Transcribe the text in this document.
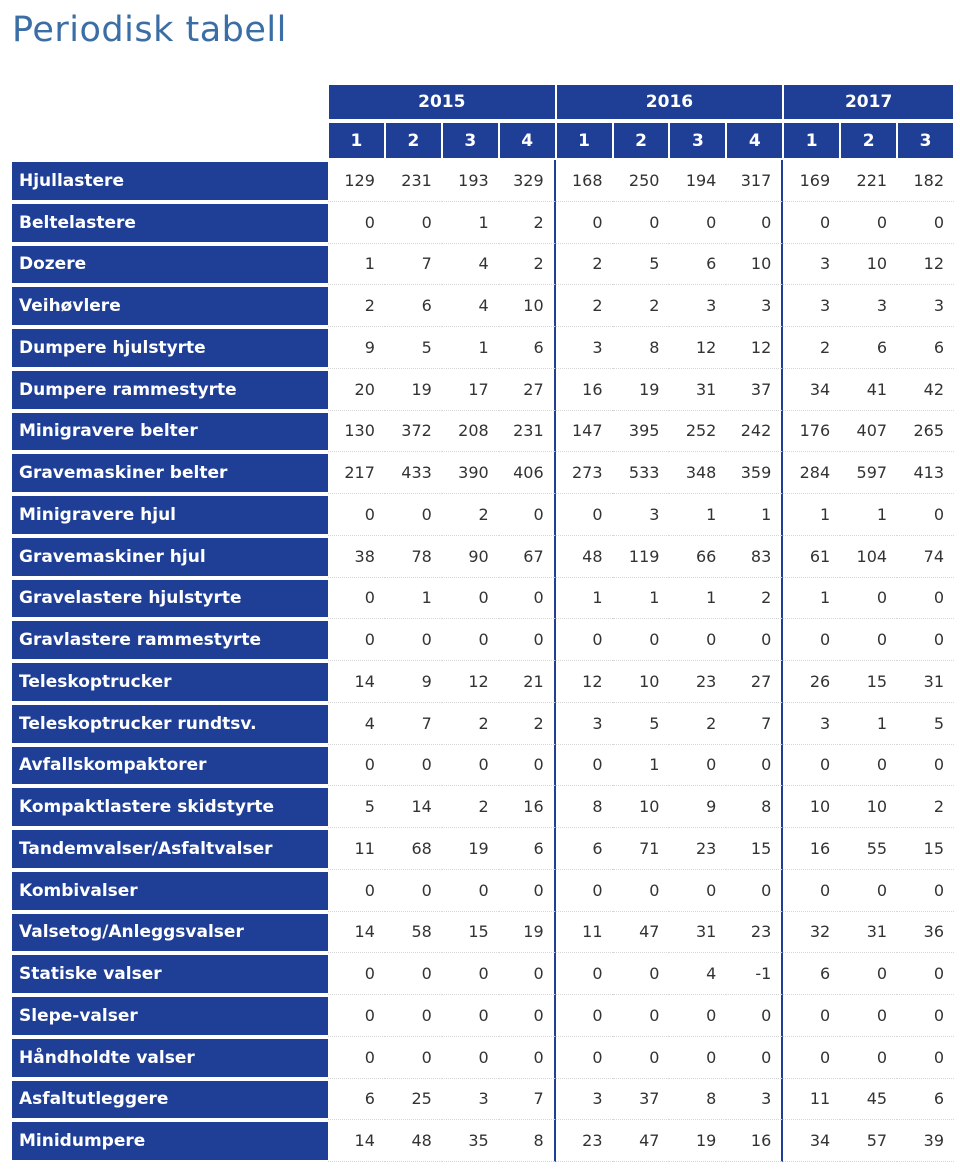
Periodisk tabell
2015	2016	2017
1	2	3	4	1	2	3	4	1	2	3
Hjullastere	129	231	193	329	168	250	194	317	169	221	182
Beltelastere	0	0	1	2	0	0	0	0	0	0	0
Dozere	1	7	4	2	2	5	6	10	3	10	12
Veihøvlere	2	6	4	10	2	2	3	3	3	3	3
Dumpere hjulstyrte	9	5	1	6	3	8	12	12	2	6	6
Dumpere rammestyrte	20	19	17	27	16	19	31	37	34	41	42
Minigravere belter	130	372	208	231	147	395	252	242	176	407	265
Gravemaskiner belter	217	433	390	406	273	533	348	359	284	597	413
Minigravere hjul	0	0	2	0	0	3	1	1	1	1	0
Gravemaskiner hjul	38	78	90	67	48	119	66	83	61	104	74
Gravelastere hjulstyrte	0	1	0	0	1	1	1	2	1	0	0
Gravlastere rammestyrte	0	0	0	0	0	0	0	0	0	0	0
Teleskoptrucker	14	9	12	21	12	10	23	27	26	15	31
Teleskoptrucker rundtsv.	4	7	2	2	3	5	2	7	3	1	5
Avfallskompaktorer	0	0	0	0	0	1	0	0	0	0	0
Kompaktlastere skidstyrte	5	14	2	16	8	10	9	8	10	10	2
Tandemvalser/Asfaltvalser	11	68	19	6	6	71	23	15	16	55	15
Kombivalser	0	0	0	0	0	0	0	0	0	0	0
Valsetog/Anleggsvalser	14	58	15	19	11	47	31	23	32	31	36
Statiske valser	0	0	0	0	0	0	4	-1	6	0	0
Slepe-valser	0	0	0	0	0	0	0	0	0	0	0
Håndholdte valser	0	0	0	0	0	0	0	0	0	0	0
Asfaltutleggere	6	25	3	7	3	37	8	3	11	45	6
Minidumpere	14	48	35	8	23	47	19	16	34	57	39
